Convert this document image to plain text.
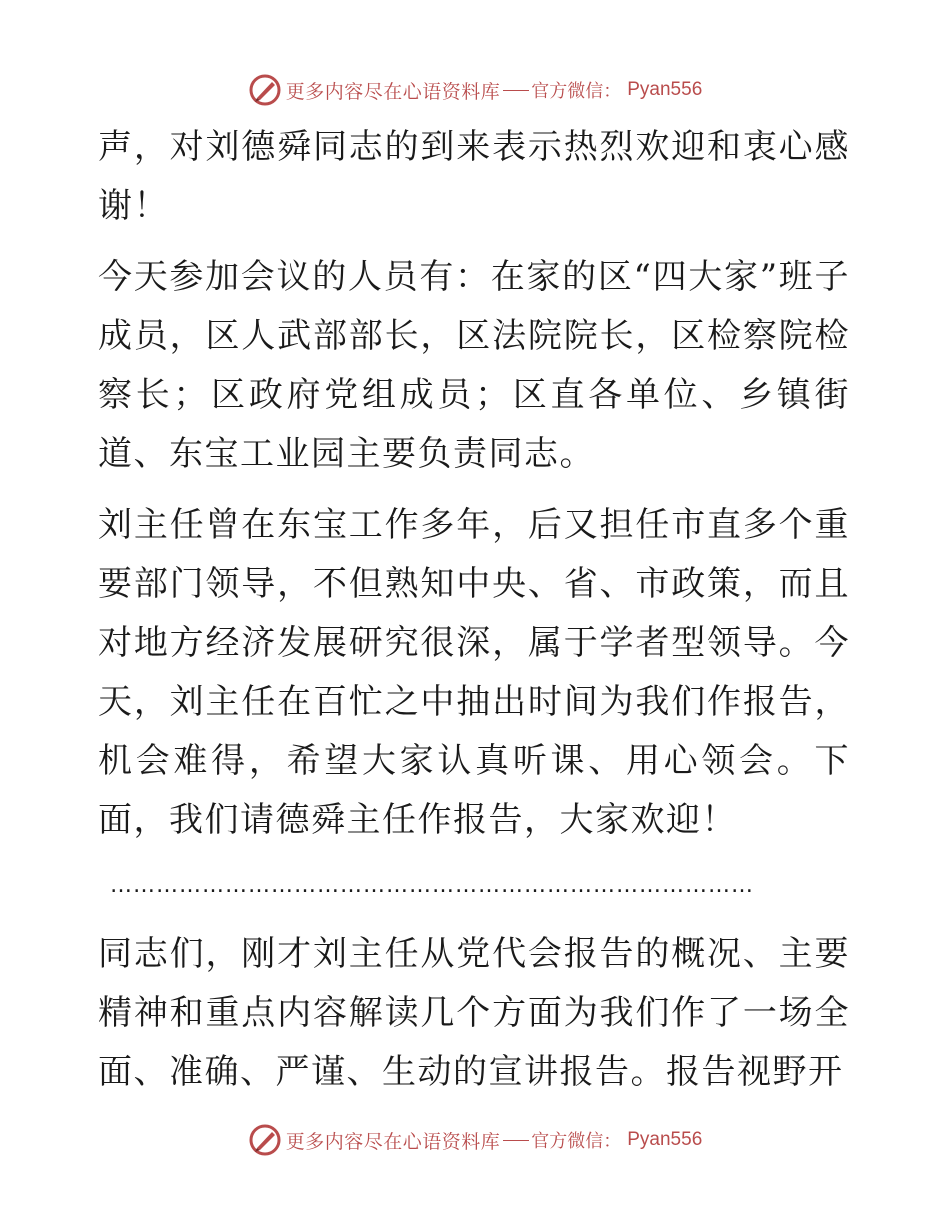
更多内容尽在心语资料库 官方微信： Pyan556

声，对刘德舜同志的到来表示热烈欢迎和衷心感谢！

今天参加会议的人员有：在家的区“四大家”班子成员，区人武部部长，区法院院长，区检察院检察长；区政府党组成员；区直各单位、乡镇街道、东宝工业园主要负责同志。

刘主任曾在东宝工作多年，后又担任市直多个重要部门领导，不但熟知中央、省、市政策，而且对地方经济发展研究很深，属于学者型领导。今天，刘主任在百忙之中抽出时间为我们作报告，机会难得，希望大家认真听课、用心领会。下面，我们请德舜主任作报告，大家欢迎！

…………………………………………………………………………

同志们，刚才刘主任从党代会报告的概况、主要精神和重点内容解读几个方面为我们作了一场全面、准确、严谨、生动的宣讲报告。报告视野开

更多内容尽在心语资料库 官方微信： Pyan556
